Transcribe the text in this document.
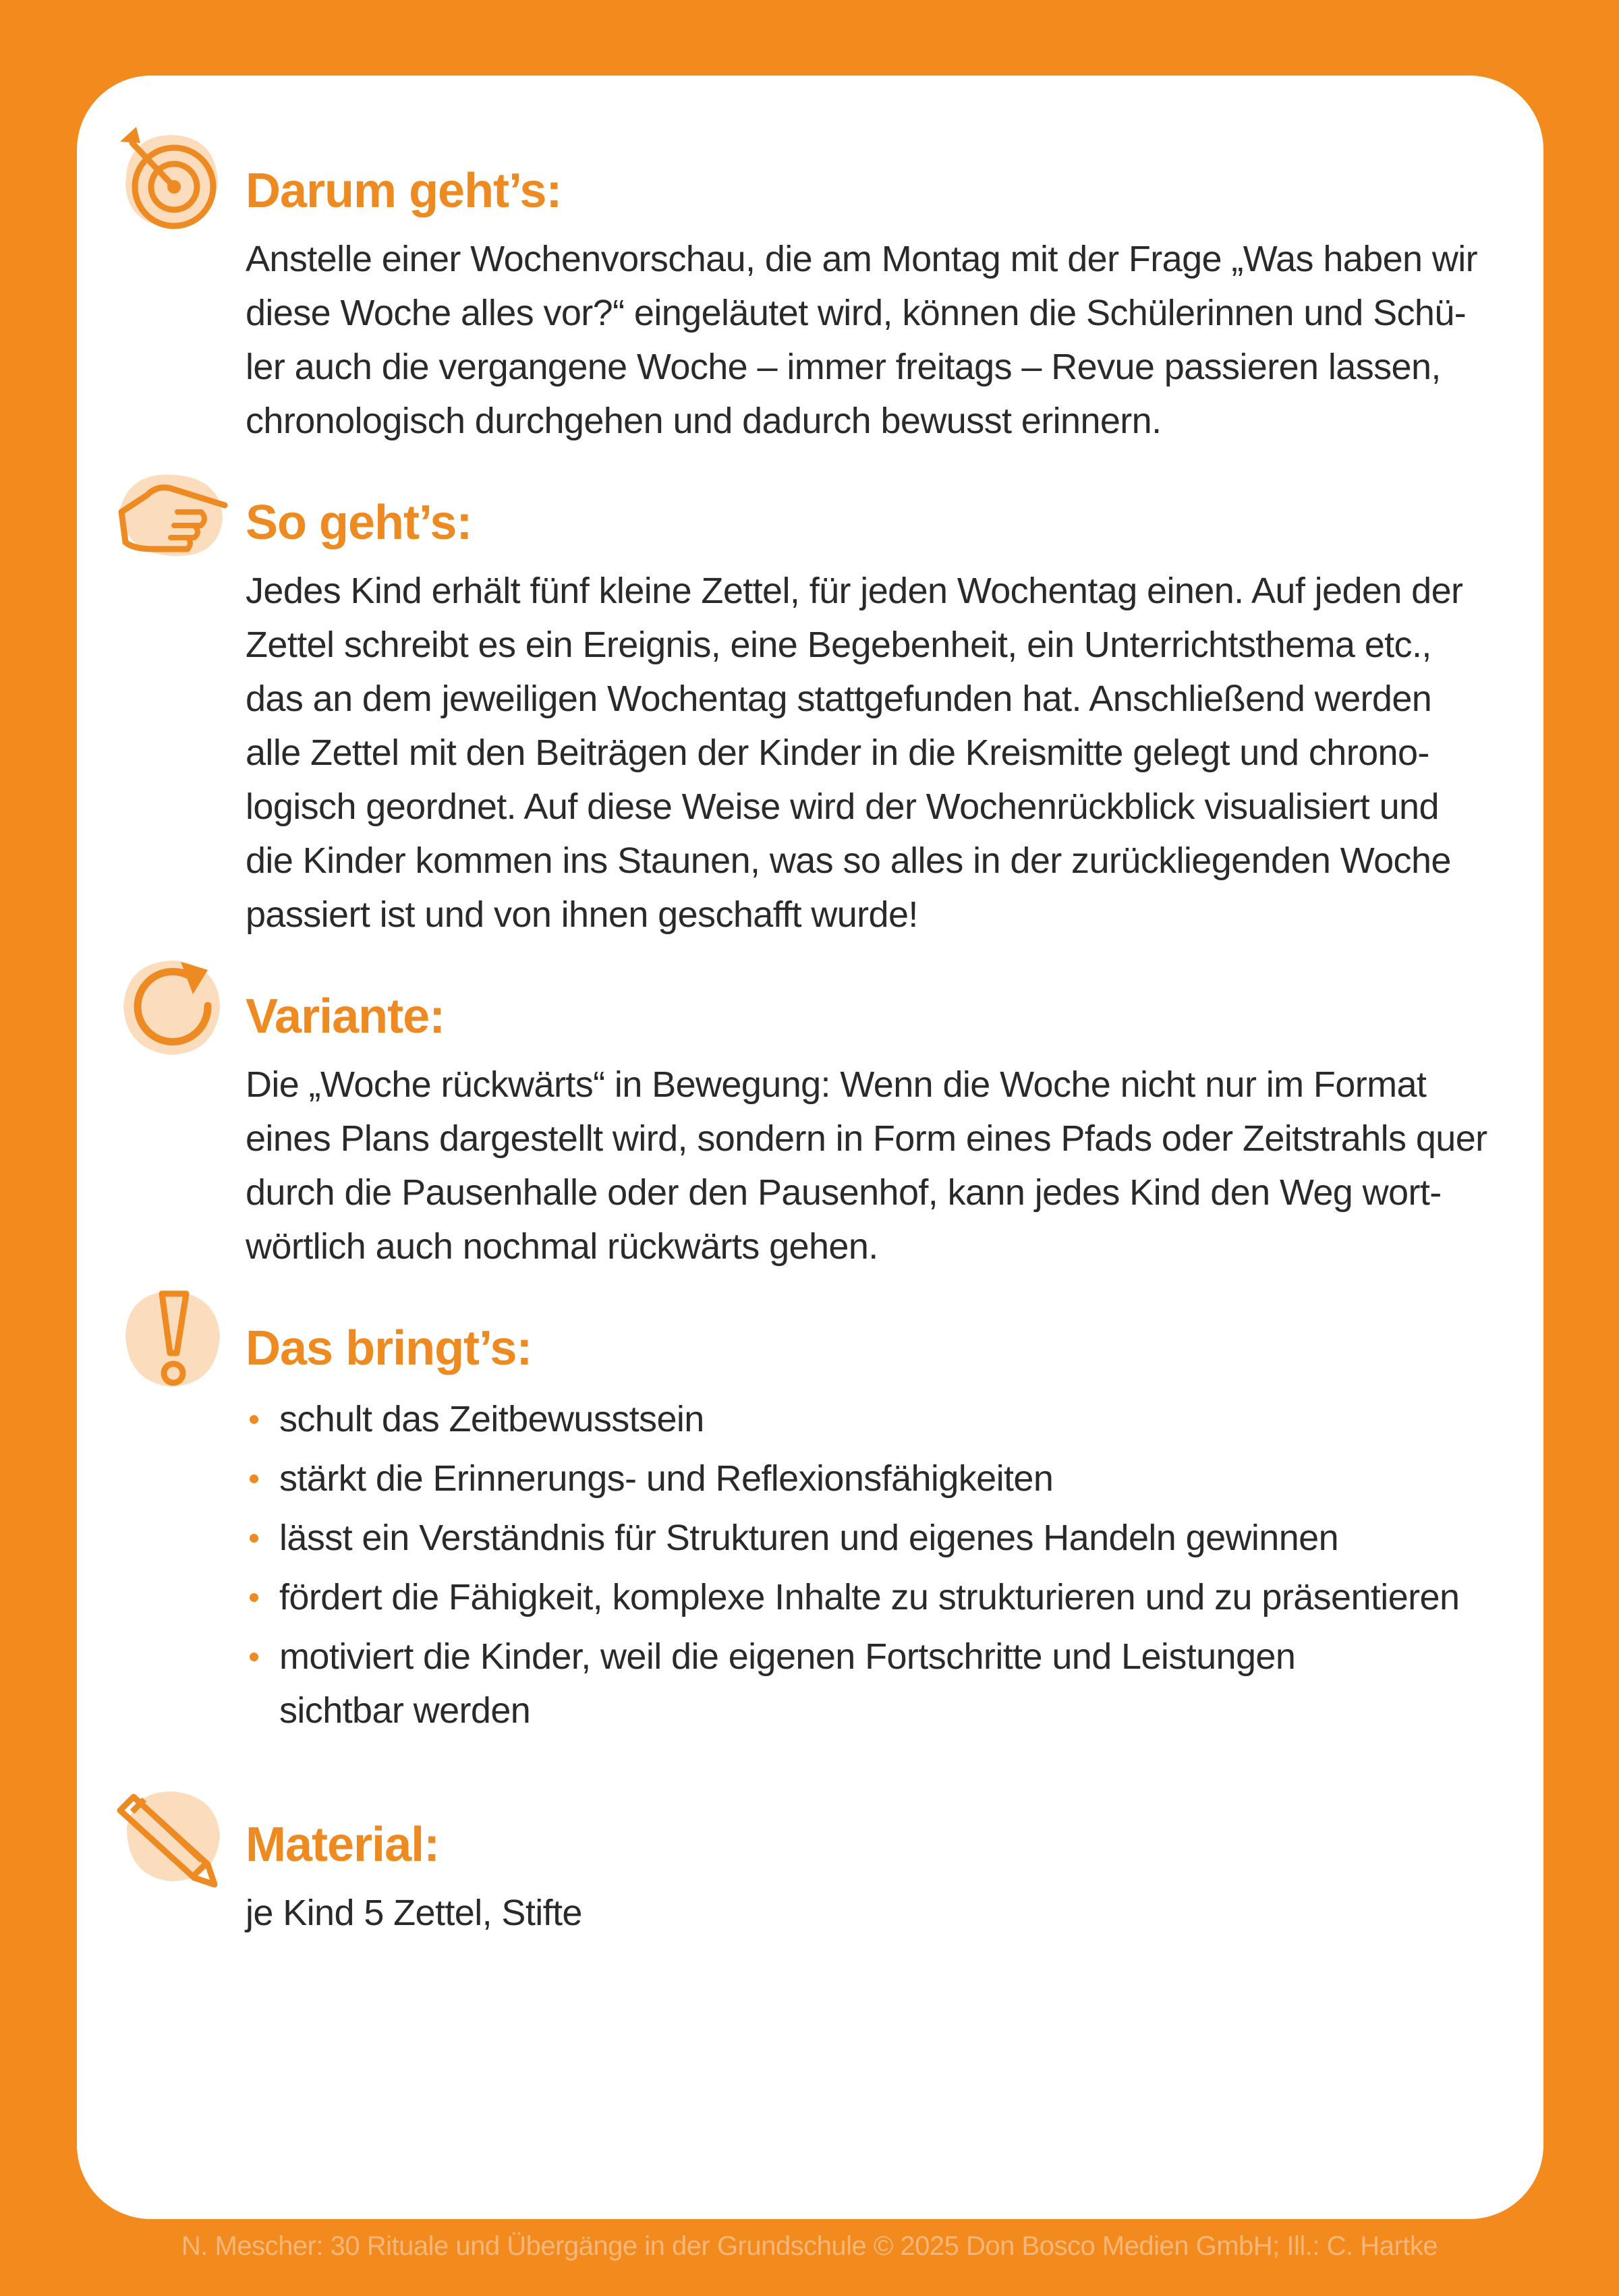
Darum geht’s:
Anstelle einer Wochenvorschau, die am Montag mit der Frage „Was haben wir
diese Woche alles vor?“ eingeläutet wird, können die Schülerinnen und Schü-
ler auch die vergangene Woche – immer freitags – Revue passieren lassen,
chronologisch durchgehen und dadurch bewusst erinnern.
So geht’s:
Jedes Kind erhält fünf kleine Zettel, für jeden Wochentag einen. Auf jeden der
Zettel schreibt es ein Ereignis, eine Begebenheit, ein Unterrichtsthema etc.,
das an dem jeweiligen Wochentag stattgefunden hat. Anschließend werden
alle Zettel mit den Beiträgen der Kinder in die Kreismitte gelegt und chrono-
logisch geordnet. Auf diese Weise wird der Wochenrückblick visualisiert und
die Kinder kommen ins Staunen, was so alles in der zurückliegenden Woche
passiert ist und von ihnen geschafft wurde!
Variante:
Die „Woche rückwärts“ in Bewegung: Wenn die Woche nicht nur im Format
eines Plans dargestellt wird, sondern in Form eines Pfads oder Zeitstrahls quer
durch die Pausenhalle oder den Pausenhof, kann jedes Kind den Weg wort-
wörtlich auch nochmal rückwärts gehen.
Das bringt’s:
schult das Zeitbewusstsein
stärkt die Erinnerungs- und Reflexionsfähigkeiten
lässt ein Verständnis für Strukturen und eigenes Handeln gewinnen
fördert die Fähigkeit, komplexe Inhalte zu strukturieren und zu präsentieren
motiviert die Kinder, weil die eigenen Fortschritte und Leistungen sichtbar werden
Material:
je Kind 5 Zettel, Stifte
N. Mescher: 30 Rituale und Übergänge in der Grundschule © 2025 Don Bosco Medien GmbH; Ill.: C. Hartke
